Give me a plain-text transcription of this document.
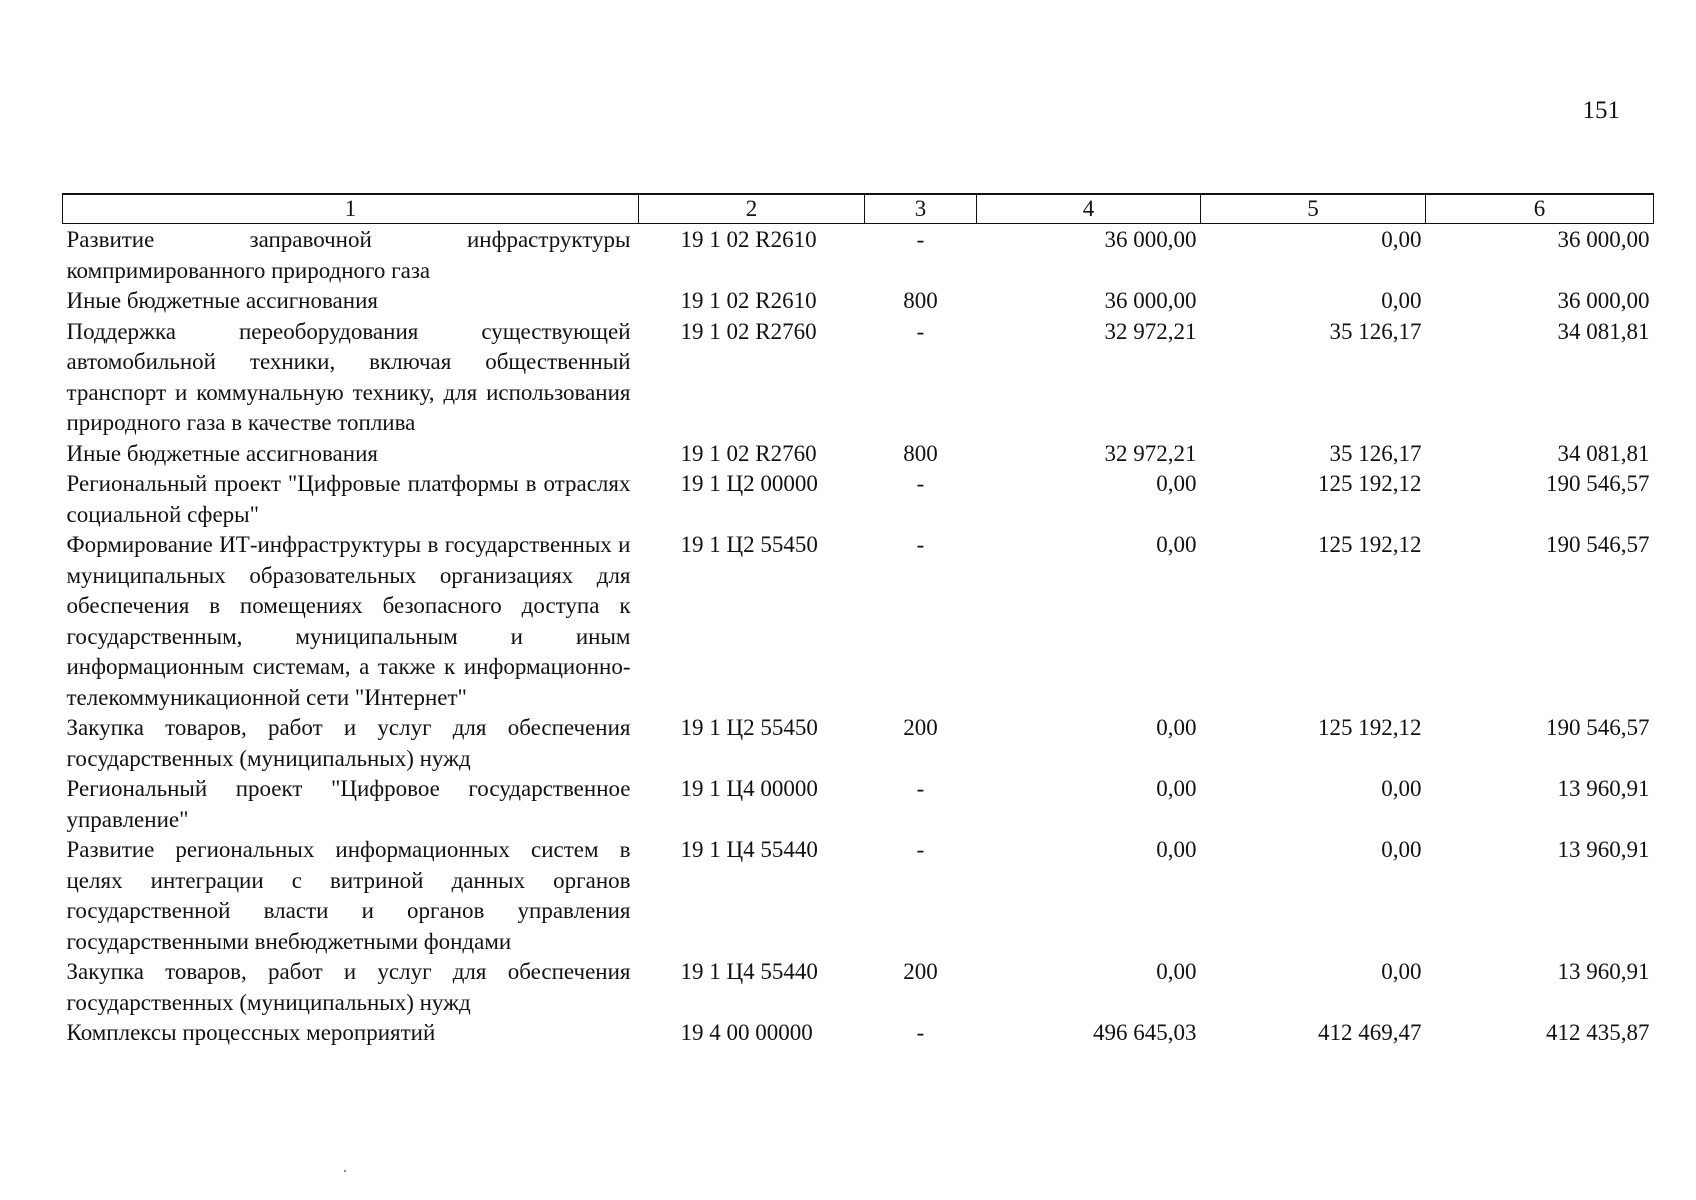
151
1	2	3	4	5	6
Развитие заправочной инфраструктуры компримированного природного газа	19 1 02 R2610	-	36 000,00	0,00	36 000,00
Иные бюджетные ассигнования	19 1 02 R2610	800	36 000,00	0,00	36 000,00
Поддержка переоборудования существующей автомобильной техники, включая общественный транспорт и коммунальную технику, для использования природного газа в качестве топлива	19 1 02 R2760	-	32 972,21	35 126,17	34 081,81
Иные бюджетные ассигнования	19 1 02 R2760	800	32 972,21	35 126,17	34 081,81
Региональный проект "Цифровые платформы в отраслях социальной сферы"	19 1 Ц2 00000	-	0,00	125 192,12	190 546,57
Формирование ИТ-инфраструктуры в государственных и муниципальных образовательных организациях для обеспечения в помещениях безопасного доступа к государственным, муниципальным и иным информационным системам, а также к информационно-телекоммуникационной сети "Интернет"	19 1 Ц2 55450	-	0,00	125 192,12	190 546,57
Закупка товаров, работ и услуг для обеспечения государственных (муниципальных) нужд	19 1 Ц2 55450	200	0,00	125 192,12	190 546,57
Региональный проект "Цифровое государственное управление"	19 1 Ц4 00000	-	0,00	0,00	13 960,91
Развитие региональных информационных систем в целях интеграции с витриной данных органов государственной власти и органов управления государственными внебюджетными фондами	19 1 Ц4 55440	-	0,00	0,00	13 960,91
Закупка товаров, работ и услуг для обеспечения государственных (муниципальных) нужд	19 1 Ц4 55440	200	0,00	0,00	13 960,91
Комплексы процессных мероприятий	19 4 00 00000	-	496 645,03	412 469,47	412 435,87
